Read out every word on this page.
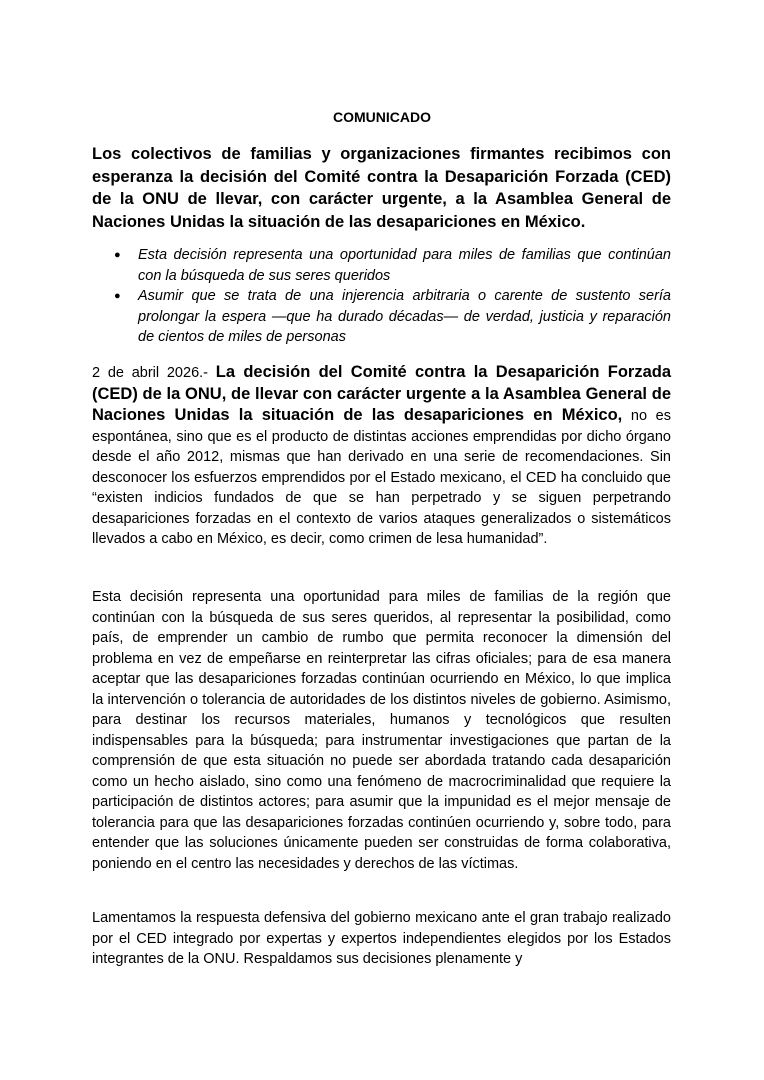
COMUNICADO

Los colectivos de familias y organizaciones firmantes recibimos con esperanza la decisión del Comité contra la Desaparición Forzada (CED) de la ONU de llevar, con carácter urgente, a la Asamblea General de Naciones Unidas la situación de las desapariciones en México.

● Esta decisión representa una oportunidad para miles de familias que continúan con la búsqueda de sus seres queridos
● Asumir que se trata de una injerencia arbitraria o carente de sustento sería prolongar la espera —que ha durado décadas— de verdad, justicia y reparación de cientos de miles de personas

2 de abril 2026.- La decisión del Comité contra la Desaparición Forzada (CED) de la ONU, de llevar con carácter urgente a la Asamblea General de Naciones Unidas la situación de las desapariciones en México, no es espontánea, sino que es el producto de distintas acciones emprendidas por dicho órgano desde el año 2012, mismas que han derivado en una serie de recomendaciones. Sin desconocer los esfuerzos emprendidos por el Estado mexicano, el CED ha concluido que “existen indicios fundados de que se han perpetrado y se siguen perpetrando desapariciones forzadas en el contexto de varios ataques generalizados o sistemáticos llevados a cabo en México, es decir, como crimen de lesa humanidad”.

Esta decisión representa una oportunidad para miles de familias de la región que continúan con la búsqueda de sus seres queridos, al representar la posibilidad, como país, de emprender un cambio de rumbo que permita reconocer la dimensión del problema en vez de empeñarse en reinterpretar las cifras oficiales; para de esa manera aceptar que las desapariciones forzadas continúan ocurriendo en México, lo que implica la intervención o tolerancia de autoridades de los distintos niveles de gobierno. Asimismo, para destinar los recursos materiales, humanos y tecnológicos que resulten indispensables para la búsqueda; para instrumentar investigaciones que partan de la comprensión de que esta situación no puede ser abordada tratando cada desaparición como un hecho aislado, sino como una fenómeno de macrocriminalidad que requiere la participación de distintos actores; para asumir que la impunidad es el mejor mensaje de tolerancia para que las desapariciones forzadas continúen ocurriendo y, sobre todo, para entender que las soluciones únicamente pueden ser construidas de forma colaborativa, poniendo en el centro las necesidades y derechos de las víctimas.

Lamentamos la respuesta defensiva del gobierno mexicano ante el gran trabajo realizado por el CED integrado por expertas y expertos independientes elegidos por los Estados integrantes de la ONU. Respaldamos sus decisiones plenamente y
